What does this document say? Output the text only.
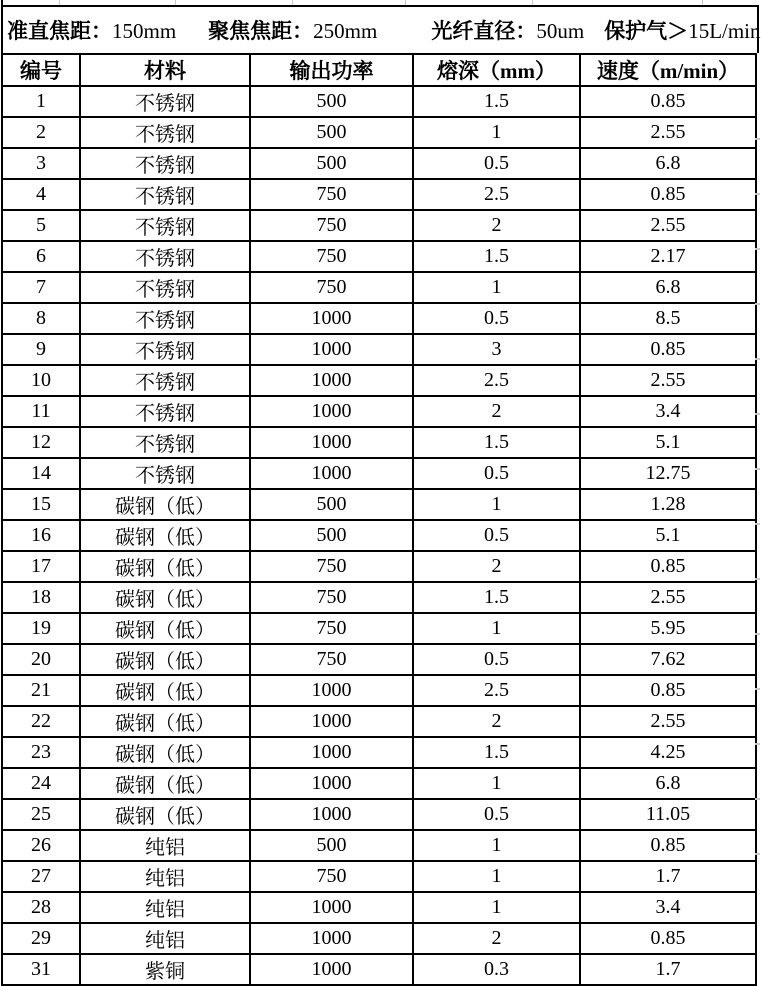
准直焦距：150mm 聚焦焦距：250mm	光纤直径：50um 保护气＞15L/min
编号	材料	输出功率	熔深（mm）	速度（m/min）
1	不锈钢	500	1.5	0.85
2	不锈钢	500	1	2.55
3	不锈钢	500	0.5	6.8
4	不锈钢	750	2.5	0.85
5	不锈钢	750	2	2.55
6	不锈钢	750	1.5	2.17
7	不锈钢	750	1	6.8
8	不锈钢	1000	0.5	8.5
9	不锈钢	1000	3	0.85
10	不锈钢	1000	2.5	2.55
11	不锈钢	1000	2	3.4
12	不锈钢	1000	1.5	5.1
14	不锈钢	1000	0.5	12.75
15	碳钢（低）	500	1	1.28
16	碳钢（低）	500	0.5	5.1
17	碳钢（低）	750	2	0.85
18	碳钢（低）	750	1.5	2.55
19	碳钢（低）	750	1	5.95
20	碳钢（低）	750	0.5	7.62
21	碳钢（低）	1000	2.5	0.85
22	碳钢（低）	1000	2	2.55
23	碳钢（低）	1000	1.5	4.25
24	碳钢（低）	1000	1	6.8
25	碳钢（低）	1000	0.5	11.05
26	纯铝	500	1	0.85
27	纯铝	750	1	1.7
28	纯铝	1000	1	3.4
29	纯铝	1000	2	0.85
31	紫铜	1000	0.3	1.7
